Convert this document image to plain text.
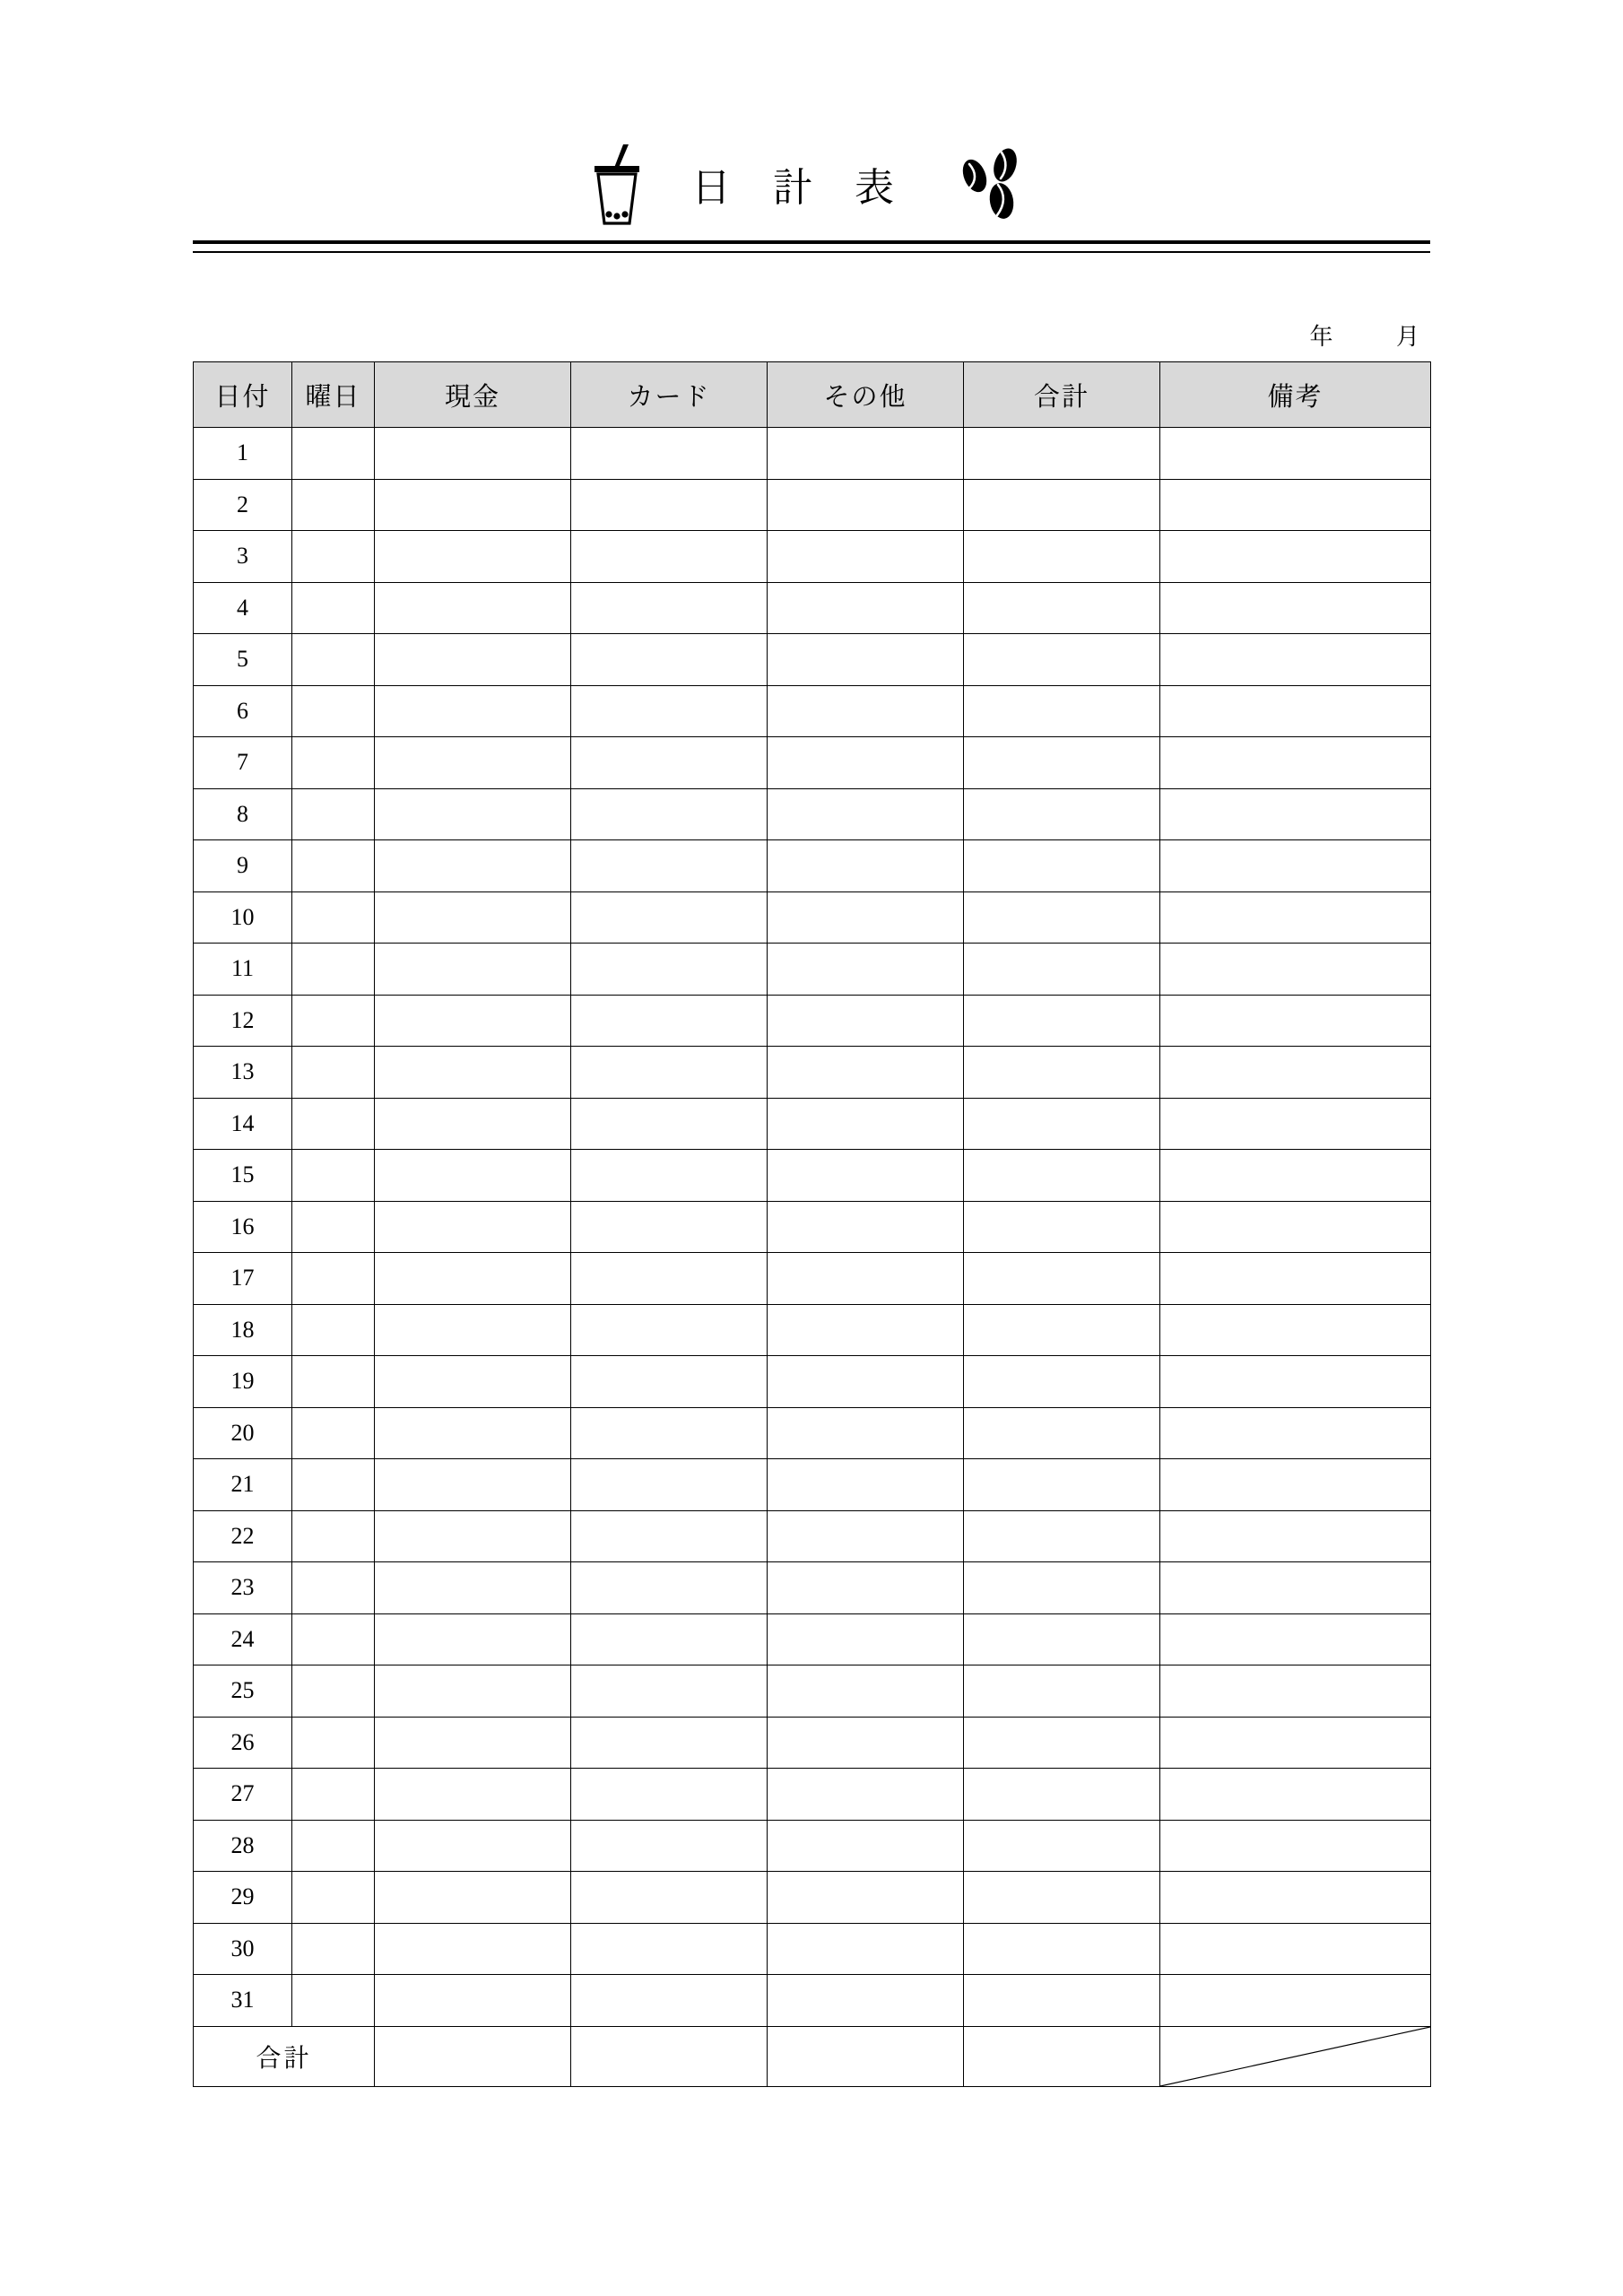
日 計 表
年	月
日付	曜日	現金	カード	その他	合計	備考
1						
2						
3						
4						
5						
6						
7						
8						
9						
10						
11						
12						
13						
14						
15						
16						
17						
18						
19						
20						
21						
22						
23						
24						
25						
26						
27						
28						
29						
30						
31						
合計					
